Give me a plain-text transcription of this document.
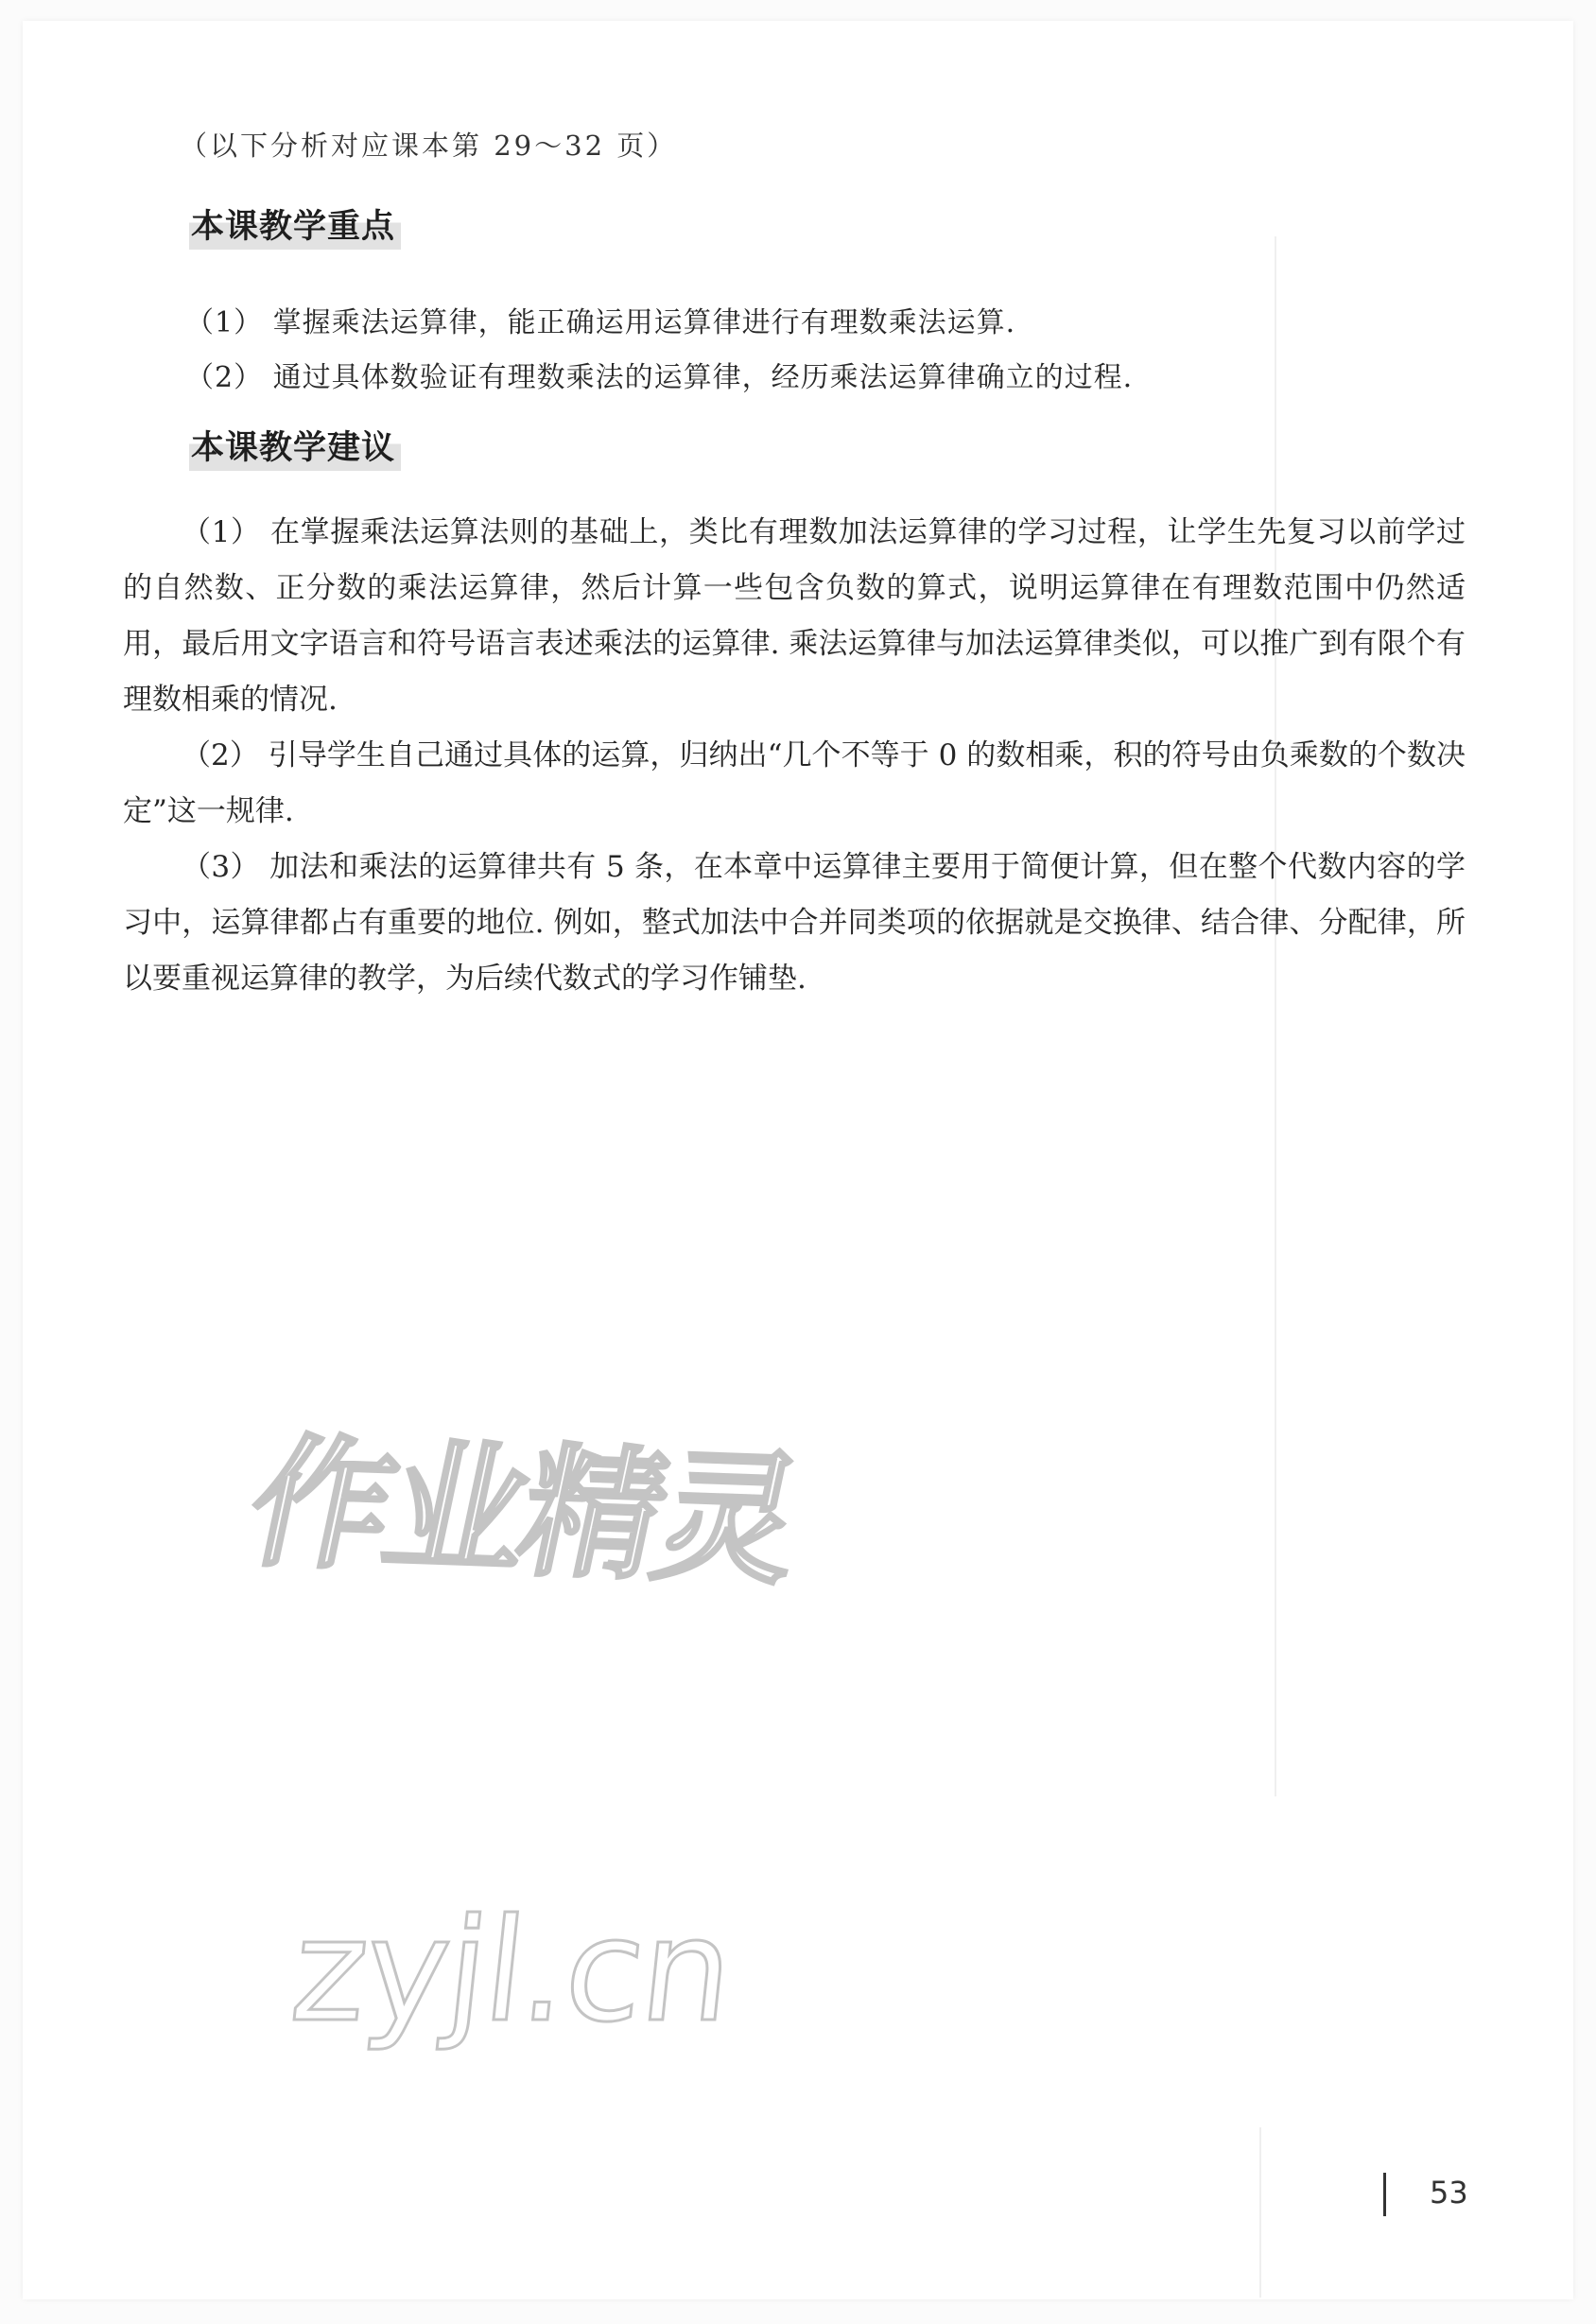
（以下分析对应课本第 29～32 页）
本课教学重点
（1） 掌握乘法运算律，能正确运用运算律进行有理数乘法运算.
（2） 通过具体数验证有理数乘法的运算律，经历乘法运算律确立的过程.
本课教学建议

（1） 在掌握乘法运算法则的基础上，类比有理数加法运算律的学习过程，让学生先复习以前学过的自然数、正分数的乘法运算律，然后计算一些包含负数的算式，说明运算律在有理数范围中仍然适用，最后用文字语言和符号语言表述乘法的运算律. 乘法运算律与加法运算律类似，可以推广到有限个有理数相乘的情况.

（2） 引导学生自己通过具体的运算，归纳出“几个不等于 0 的数相乘，积的符号由负乘数的个数决定”这一规律.

（3） 加法和乘法的运算律共有 5 条，在本章中运算律主要用于简便计算，但在整个代数内容的学习中，运算律都占有重要的地位. 例如，整式加法中合并同类项的依据就是交换律、结合律、分配律，所以要重视运算律的教学，为后续代数式的学习作铺垫.

作业精灵
zyjl.cn
53
